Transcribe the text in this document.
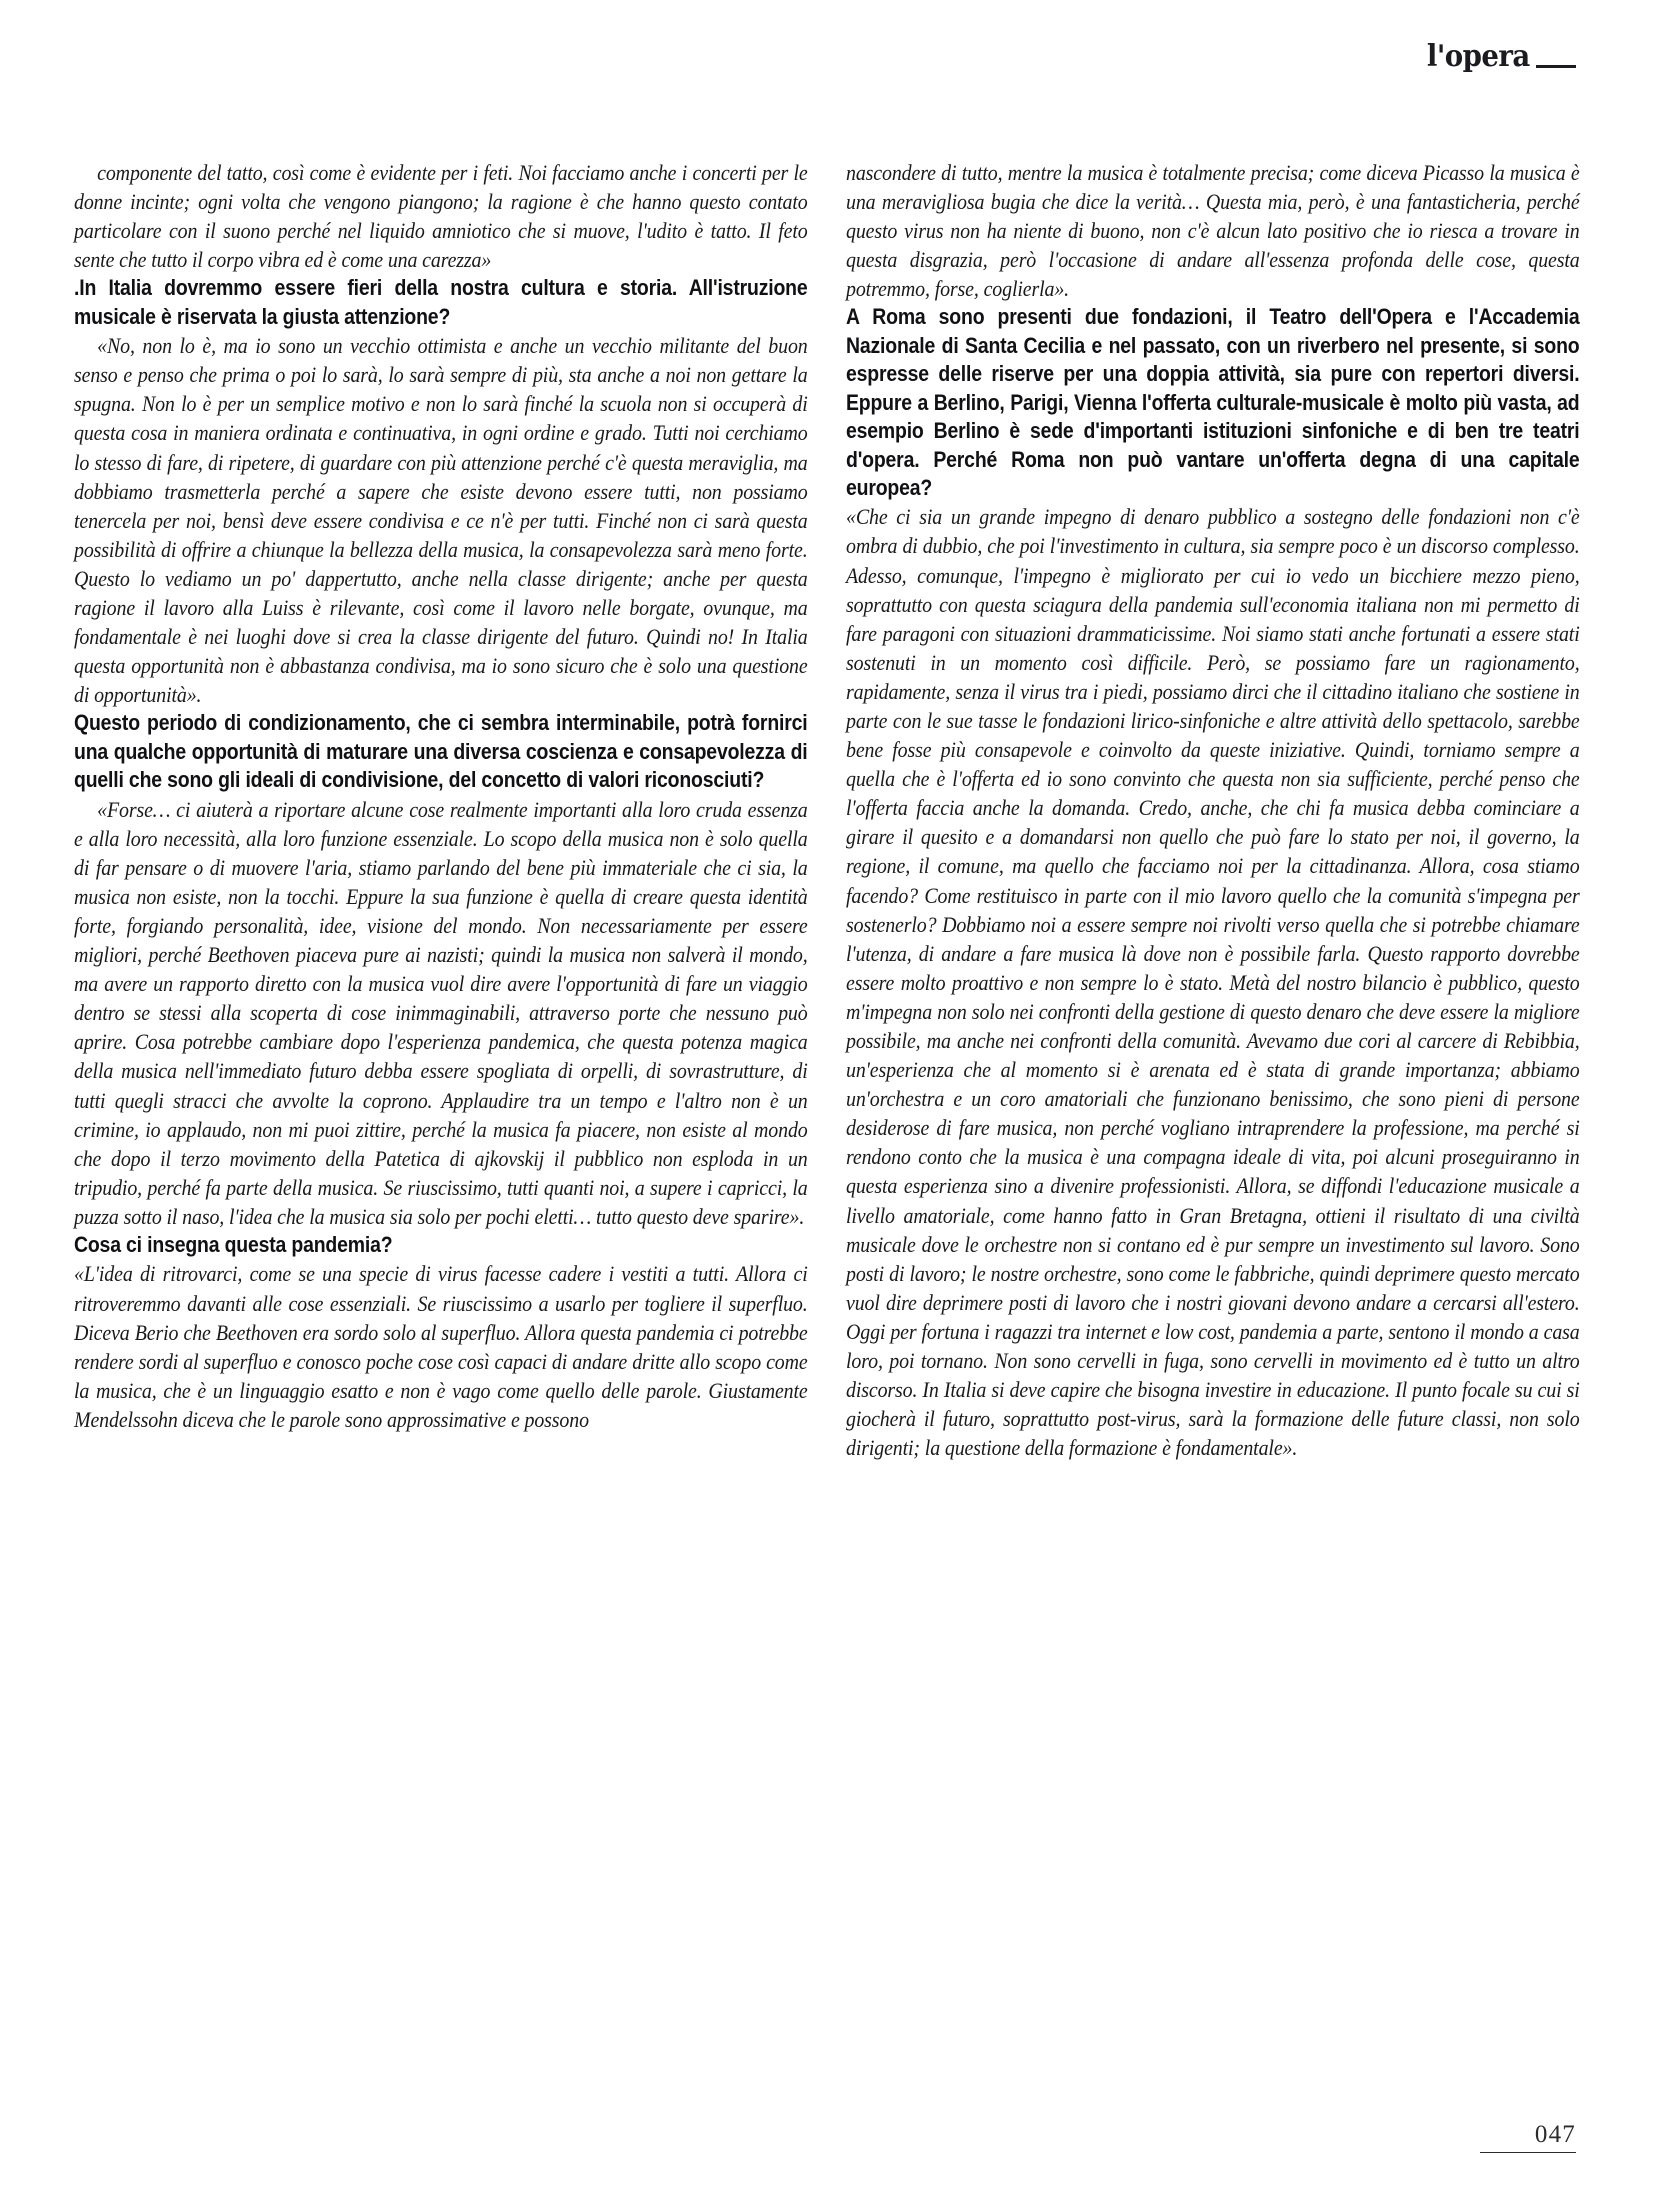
l'opera

componente del tatto, così come è evidente per i feti. Noi facciamo anche i concerti per le donne incinte; ogni volta che vengono piangono; la ragione è che hanno questo contato particolare con il suono perché nel liquido amniotico che si muove, l'udito è tatto. Il feto sente che tutto il corpo vibra ed è come una carezza»

.In Italia dovremmo essere fieri della nostra cultura e storia. All'istruzione musicale è riservata la giusta attenzione?

«No, non lo è, ma io sono un vecchio ottimista e anche un vecchio militante del buon senso e penso che prima o poi lo sarà, lo sarà sempre di più, sta anche a noi non gettare la spugna. Non lo è per un semplice motivo e non lo sarà finché la scuola non si occuperà di questa cosa in maniera ordinata e continuativa, in ogni ordine e grado. Tutti noi cerchiamo lo stesso di fare, di ripetere, di guardare con più attenzione perché c'è questa meraviglia, ma dobbiamo trasmetterla perché a sapere che esiste devono essere tutti, non possiamo tenercela per noi, bensì deve essere condivisa e ce n'è per tutti. Finché non ci sarà questa possibilità di offrire a chiunque la bellezza della musica, la consapevolezza sarà meno forte. Questo lo vediamo un po' dappertutto, anche nella classe dirigente; anche per questa ragione il lavoro alla Luiss è rilevante, così come il lavoro nelle borgate, ovunque, ma fondamentale è nei luoghi dove si crea la classe dirigente del futuro. Quindi no! In Italia questa opportunità non è abbastanza condivisa, ma io sono sicuro che è solo una questione di opportunità».

Questo periodo di condizionamento, che ci sembra interminabile, potrà fornirci una qualche opportunità di maturare una diversa coscienza e consapevolezza di quelli che sono gli ideali di condivisione, del concetto di valori riconosciuti?

«Forse… ci aiuterà a riportare alcune cose realmente importanti alla loro cruda essenza e alla loro necessità, alla loro funzione essenziale. Lo scopo della musica non è solo quella di far pensare o di muovere l'aria, stiamo parlando del bene più immateriale che ci sia, la musica non esiste, non la tocchi. Eppure la sua funzione è quella di creare questa identità forte, forgiando personalità, idee, visione del mondo. Non necessariamente per essere migliori, perché Beethoven piaceva pure ai nazisti; quindi la musica non salverà il mondo, ma avere un rapporto diretto con la musica vuol dire avere l'opportunità di fare un viaggio dentro se stessi alla scoperta di cose inimmaginabili, attraverso porte che nessuno può aprire. Cosa potrebbe cambiare dopo l'esperienza pandemica, che questa potenza magica della musica nell'immediato futuro debba essere spogliata di orpelli, di sovrastrutture, di tutti quegli stracci che avvolte la coprono. Applaudire tra un tempo e l'altro non è un crimine, io applaudo, non mi puoi zittire, perché la musica fa piacere, non esiste al mondo che dopo il terzo movimento della Patetica di ajkovskij il pubblico non esploda in un tripudio, perché fa parte della musica. Se riuscissimo, tutti quanti noi, a supere i capricci, la puzza sotto il naso, l'idea che la musica sia solo per pochi eletti… tutto questo deve sparire».

Cosa ci insegna questa pandemia?

«L'idea di ritrovarci, come se una specie di virus facesse cadere i vestiti a tutti. Allora ci ritroveremmo davanti alle cose essenziali. Se riuscissimo a usarlo per togliere il superfluo. Diceva Berio che Beethoven era sordo solo al superfluo. Allora questa pandemia ci potrebbe rendere sordi al superfluo e conosco poche cose così capaci di andare dritte allo scopo come la musica, che è un linguaggio esatto e non è vago come quello delle parole. Giustamente Mendelssohn diceva che le parole sono approssimative e possono

nascondere di tutto, mentre la musica è totalmente precisa; come diceva Picasso la musica è una meravigliosa bugia che dice la verità… Questa mia, però, è una fantasticheria, perché questo virus non ha niente di buono, non c'è alcun lato positivo che io riesca a trovare in questa disgrazia, però l'occasione di andare all'essenza profonda delle cose, questa potremmo, forse, coglierla».

A Roma sono presenti due fondazioni, il Teatro dell'Opera e l'Accademia Nazionale di Santa Cecilia e nel passato, con un riverbero nel presente, si sono espresse delle riserve per una doppia attività, sia pure con repertori diversi. Eppure a Berlino, Parigi, Vienna l'offerta culturale-musicale è molto più vasta, ad esempio Berlino è sede d'importanti istituzioni sinfoniche e di ben tre teatri d'opera. Perché Roma non può vantare un'offerta degna di una capitale europea?

«Che ci sia un grande impegno di denaro pubblico a sostegno delle fondazioni non c'è ombra di dubbio, che poi l'investimento in cultura, sia sempre poco è un discorso complesso. Adesso, comunque, l'impegno è migliorato per cui io vedo un bicchiere mezzo pieno, soprattutto con questa sciagura della pandemia sull'economia italiana non mi permetto di fare paragoni con situazioni drammaticissime. Noi siamo stati anche fortunati a essere stati sostenuti in un momento così difficile. Però, se possiamo fare un ragionamento, rapidamente, senza il virus tra i piedi, possiamo dirci che il cittadino italiano che sostiene in parte con le sue tasse le fondazioni lirico-sinfoniche e altre attività dello spettacolo, sarebbe bene fosse più consapevole e coinvolto da queste iniziative. Quindi, torniamo sempre a quella che è l'offerta ed io sono convinto che questa non sia sufficiente, perché penso che l'offerta faccia anche la domanda. Credo, anche, che chi fa musica debba cominciare a girare il quesito e a domandarsi non quello che può fare lo stato per noi, il governo, la regione, il comune, ma quello che facciamo noi per la cittadinanza. Allora, cosa stiamo facendo? Come restituisco in parte con il mio lavoro quello che la comunità s'impegna per sostenerlo? Dobbiamo noi a essere sempre noi rivolti verso quella che si potrebbe chiamare l'utenza, di andare a fare musica là dove non è possibile farla. Questo rapporto dovrebbe essere molto proattivo e non sempre lo è stato. Metà del nostro bilancio è pubblico, questo m'impegna non solo nei confronti della gestione di questo denaro che deve essere la migliore possibile, ma anche nei confronti della comunità. Avevamo due cori al carcere di Rebibbia, un'esperienza che al momento si è arenata ed è stata di grande importanza; abbiamo un'orchestra e un coro amatoriali che funzionano benissimo, che sono pieni di persone desiderose di fare musica, non perché vogliano intraprendere la professione, ma perché si rendono conto che la musica è una compagna ideale di vita, poi alcuni proseguiranno in questa esperienza sino a divenire professionisti. Allora, se diffondi l'educazione musicale a livello amatoriale, come hanno fatto in Gran Bretagna, ottieni il risultato di una civiltà musicale dove le orchestre non si contano ed è pur sempre un investimento sul lavoro. Sono posti di lavoro; le nostre orchestre, sono come le fabbriche, quindi deprimere questo mercato vuol dire deprimere posti di lavoro che i nostri giovani devono andare a cercarsi all'estero. Oggi per fortuna i ragazzi tra internet e low cost, pandemia a parte, sentono il mondo a casa loro, poi tornano. Non sono cervelli in fuga, sono cervelli in movimento ed è tutto un altro discorso. In Italia si deve capire che bisogna investire in educazione. Il punto focale su cui si giocherà il futuro, soprattutto post-virus, sarà la formazione delle future classi, non solo dirigenti; la questione della formazione è fondamentale».

047
